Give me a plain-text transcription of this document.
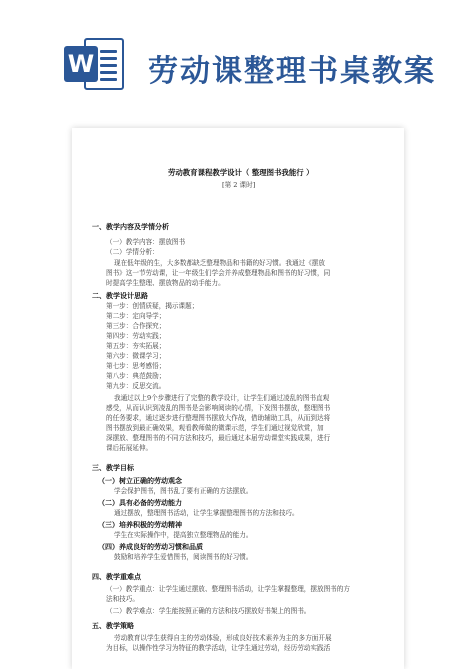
W 劳动课整理书桌教案
劳动教育课程教学设计（ 整理图书我能行 ）
[第 2 课时]
一、教学内容及学情分析
（一）教学内容：摆放图书
（二）学情分析：
现在低年级的生，大多数都缺乏整理物品和书籍的好习惯。我通过《摆放
图书》这一节劳动课，让一年级生们学会并养成整理物品和图书的好习惯，同
时提高学生整理、摆放物品的动手能力。
二、教学设计思路
第一步：创情质疑，揭示课题；
第二步：定向导学；
第三步：合作探究；
第四步：劳动实践；
第五步：夯实拓展；
第六步：微课学习；
第七步：思考感悟；
第八步：典范鼓励；
第九步：反思交流。
我通过以上9个步骤进行了完整的教学设计，让学生们通过凌乱的图书直观
感受，从而认识到凌乱的图书是会影响阅读的心情，下发图书摆放，整理图书
的任务要求，通过逐步进行整理图书摆放大作战，借助辅助工具，从而到达将
图书摆放到最正确效果，观看教师做的微课示范，学生们通过视觉欣赏，加
深摆放、整理图书的不同方法和技巧，最后通过本届劳动课堂实践成果，进行
课后拓展延伸。
三、教学目标
（一）树立正确的劳动观念
学会保护图书，图书乱了要有正确的方法摆放。
（二）具有必备的劳动能力
通过摆放，整理图书活动，让学生掌握整理图书的方法和技巧。
（三）培养积极的劳动精神
学生在实际操作中，提高独立整理物品的能力。
（四）养成良好的劳动习惯和品质
鼓励和培养学生爱惜图书，阅读图书的好习惯。
四、教学重难点
（一）教学重点：让学生通过摆放、整理图书活动，让学生掌握整理，摆放图书的方
法和技巧。
（二）教学难点：学生能按照正确的方法和技巧摆放好书架上的图书。
五、教学策略
劳动教育以学生获得自主的劳动体验，形成良好技术素养为主的多方面开展
为目标，以操作性学习为特征的教学活动，让学生通过劳动，经历劳动实践活
